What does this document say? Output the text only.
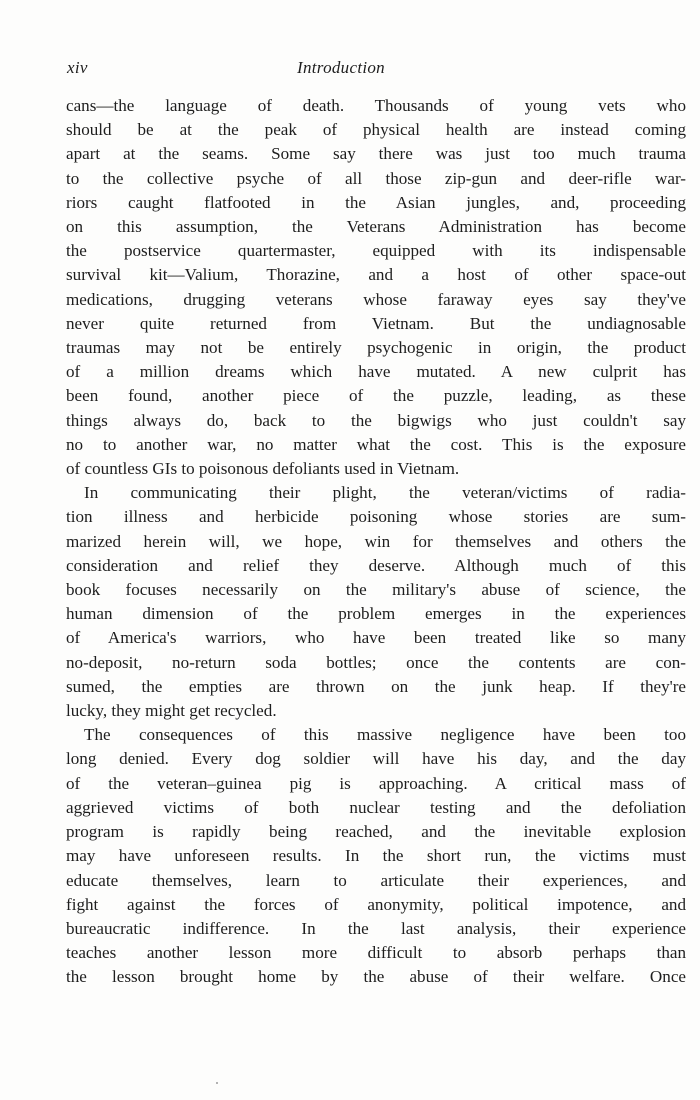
xiv	Introduction
cans—the language of death. Thousands of young vets who
should be at the peak of physical health are instead coming
apart at the seams. Some say there was just too much trauma
to the collective psyche of all those zip-gun and deer-rifle war-
riors caught flatfooted in the Asian jungles, and, proceeding
on this assumption, the Veterans Administration has become
the postservice quartermaster, equipped with its indispensable
survival kit—Valium, Thorazine, and a host of other space-out
medications, drugging veterans whose faraway eyes say they've
never quite returned from Vietnam. But the undiagnosable
traumas may not be entirely psychogenic in origin, the product
of a million dreams which have mutated. A new culprit has
been found, another piece of the puzzle, leading, as these
things always do, back to the bigwigs who just couldn't say
no to another war, no matter what the cost. This is the exposure
of countless GIs to poisonous defoliants used in Vietnam.
In communicating their plight, the veteran/victims of radia-
tion illness and herbicide poisoning whose stories are sum-
marized herein will, we hope, win for themselves and others the
consideration and relief they deserve. Although much of this
book focuses necessarily on the military's abuse of science, the
human dimension of the problem emerges in the experiences
of America's warriors, who have been treated like so many
no-deposit, no-return soda bottles; once the contents are con-
sumed, the empties are thrown on the junk heap. If they're
lucky, they might get recycled.
The consequences of this massive negligence have been too
long denied. Every dog soldier will have his day, and the day
of the veteran–guinea pig is approaching. A critical mass of
aggrieved victims of both nuclear testing and the defoliation
program is rapidly being reached, and the inevitable explosion
may have unforeseen results. In the short run, the victims must
educate themselves, learn to articulate their experiences, and
fight against the forces of anonymity, political impotence, and
bureaucratic indifference. In the last analysis, their experience
teaches another lesson more difficult to absorb perhaps than
the lesson brought home by the abuse of their welfare. Once
